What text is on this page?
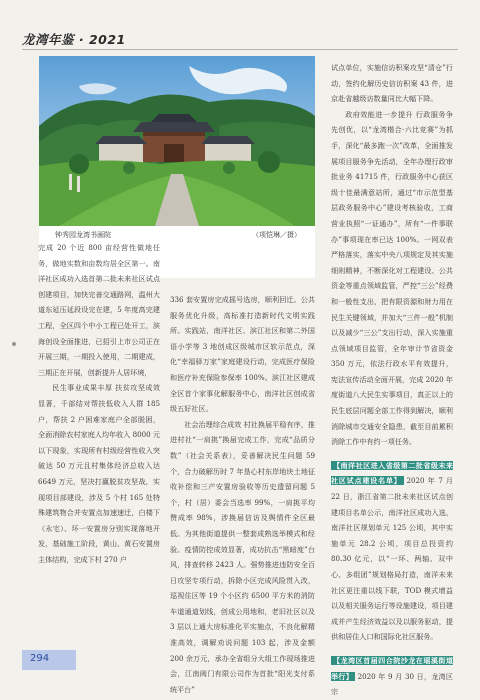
龙湾年鉴 · 2021
钟秀园龙湾书画院	（项恺琳／摄）

完成 20 个近 800 亩经营性做地任务，做地实数和亩数均居全区第一。南洋社区成功入选首第二批未来社区试点创建项目，加快完善交通路网，温州大道东延压延段设完在建，5 年度高完建工程，全区四个中小工程已处开工，滨海创设全面推进，已招引上市公司正在开展三期，一期投入使用，二期建成，三期正在开展，创新提升人居环境，

民生事业成果丰厚 扶贫攻坚成效显著，千部结对帮扶低收入人群 185 户，帮扶 2 户困难家庭户全部脱困，全面消除农村家庭人均年收入 8000 元以下现象，实现所有村级经营性收入突破达 50 万元且村集体经济总收入达 6649 万元，坚决打赢脱贫攻坚战，实现项目部建设，涉及 5 个村 165 处特殊建筑物合并安置点加速速迁，白楼下（永宅）、环一安置房分别实现落地开发，基础施工阶段，黄山、黄石安置房主体结构，完成下村 270 户

336 套安置房完成摇号选房，顺利回迁。公共服务优化升级，高标准打造新时代文明实践所。实践站，南洋社区、滨江社区和第二外国语小学等 3 地创成区级城市区软示范点，深化“幸福驿万家”家庭建设行动，完成医疗保险和医疗补充保险参保率 100%。滨江社区建成全区首个家事化解服务中心，南洋社区创成省级五好社区。

社会治理综合成效 村社换届平稳有序，推进村社“一肩挑”换届完成工作，完成“品质分数”（社会关系表），妥善解决民生问题 59 个，合力破解历时 7 年垦心村东岸地块土地征收补偿和三产安置房验收等历史遗留问题 5 个，村（居）委会当选率 99%，一肩挑平均赞成率 98%，涉换届信访及舆情件全区最低。为其他街道提供一整套成熟选举模式和经验。疫情防控成效显著，成功抗击“黑暗度”台风，排查转移 2423 人。强势推进违防安全百日攻坚专项行动，拆除小区完成风险贯入改，巡视住区等 19 个小区约 6500 平方米的消防车道通道划线，创成公用地和，老旧社区以及 3 层以上通大房标准化平实施点，不良化解精准高效，调解劝说问题 103 起，涉及金额 200 余万元，承办全省组分大组工作现场推进会，江南阀门有限公司作为首批“阳光支付系统平台”

试点单位，实施信访积案攻坚“清仓”行动，签约化解历史信访积案 43 件，进京赴省越级访数量同比大幅下降。

政府效能进一步提升 行政服务争先创优，以“龙湾楷合·六比竞赛”为抓手，深化“最多跑一次”改革，全面推发展项目服务争先活动，全年办理行政审批业务 41715 件，行政服务中心获区级十佳最满意站所，通过“市示范型基层政务服务中心”建设考核验收，工商营业执照“一证通办”，所有“一件事联办”事项现在率已达 100%。一网双表严格落实，落实中央八项规定及其实施细则精神，不断深化对工程建设、公共资金等重点领域监管，严控“三公”经费和一般性支出，把有限资源和财力用在民生关键领域，并加大“三件一般”机制以及减少“三公”支出行动，深入实施重点领域项目监管，全年审计节省资金 350 万元，依法行政水平有效提升，宪法宣传活动全面开展，完成 2020 年度街道八大民生实事项目，真正以上的民生底层问题全部工作得到解决，顺利消除城市交通安全隐患，截至目前累积消除工作中有约一项任务。

【南洋社区进入省级第二批省级未来社区试点建设名单】 2020 年 7 月 22 日，浙江省第二批未来社区试点创建项目名单公示，南洋社区成功入选，南洋社区规划单元 125 公顷，其中实施单元 28.2 公顷，项目总投资约 80.30 亿元，以“一环、两轴、双中心、多组团”规划格局打造，南洋未来社区更注重以线下联，TOD 模式增益以及相关服务运行等设施建设，项目建成并产生经济效益以及以服务驱动，提供和居住人口和国际化社区服务。

【龙湾区首届四合院沙龙在瑶溪街道举行】 2020 年 9 月 30 日，龙湾区宗

294
